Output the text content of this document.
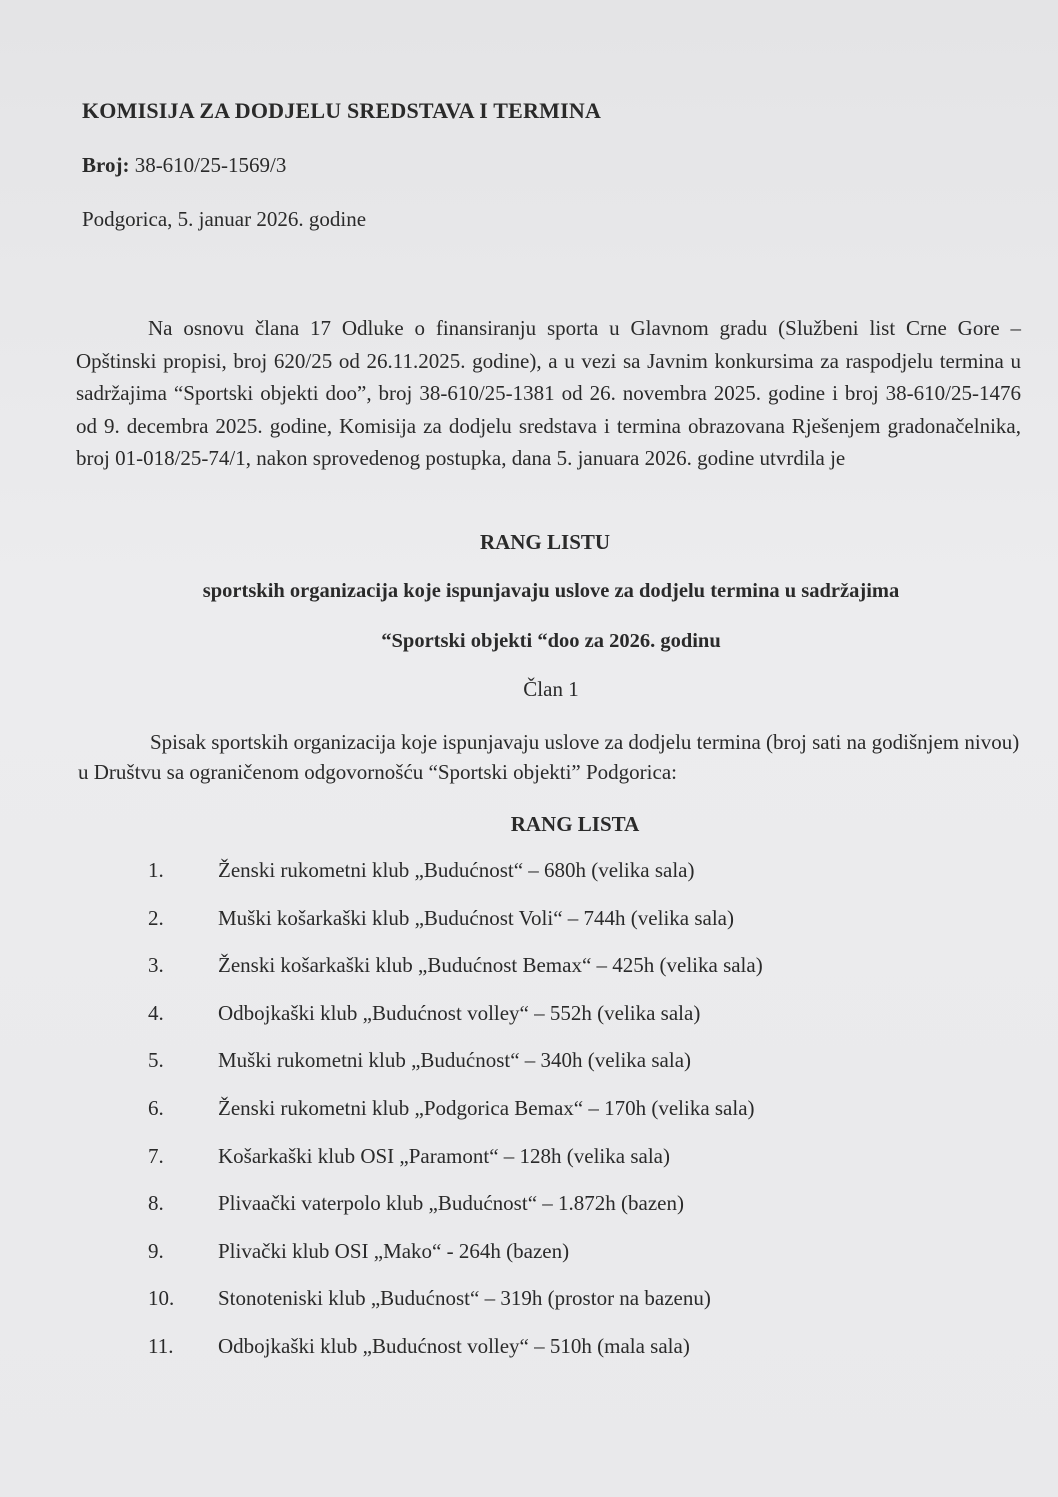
KOMISIJA ZA DODJELU SREDSTAVA I TERMINA
Broj: 38-610/25-1569/3
Podgorica, 5. januar 2026. godine
Na osnovu člana 17 Odluke o finansiranju sporta u Glavnom gradu (Službeni list Crne Gore – Opštinski propisi, broj 620/25 od 26.11.2025. godine), a u vezi sa Javnim konkursima za raspodjelu termina u sadržajima “Sportski objekti doo”, broj 38-610/25-1381 od 26. novembra 2025. godine i broj 38-610/25-1476 od 9. decembra 2025. godine, Komisija za dodjelu sredstava i termina obrazovana Rješenjem gradonačelnika, broj 01-018/25-74/1, nakon sprovedenog postupka, dana 5. januara 2026. godine utvrdila je
RANG LISTU
sportskih organizacija koje ispunjavaju uslove za dodjelu termina u sadržajima
“Sportski objekti “doo za 2026. godinu
Član 1
Spisak sportskih organizacija koje ispunjavaju uslove za dodjelu termina (broj sati na godišnjem nivou) u Društvu sa ograničenom odgovornošću “Sportski objekti” Podgorica:
RANG LISTA
1.	Ženski rukometni klub „Budućnost“ – 680h (velika sala)
2.	Muški košarkaški klub „Budućnost Voli“ – 744h (velika sala)
3.	Ženski košarkaški klub „Budućnost Bemax“ – 425h (velika sala)
4.	Odbojkaški klub „Budućnost volley“ – 552h (velika sala)
5.	Muški rukometni klub „Budućnost“ – 340h (velika sala)
6.	Ženski rukometni klub „Podgorica Bemax“ – 170h (velika sala)
7.	Košarkaški klub OSI „Paramont“ – 128h (velika sala)
8.	Plivaački vaterpolo klub „Budućnost“ – 1.872h (bazen)
9.	Plivački klub OSI „Mako“ - 264h (bazen)
10.	Stonoteniski klub „Budućnost“ – 319h (prostor na bazenu)
11.	Odbojkaški klub „Budućnost volley“ – 510h (mala sala)
